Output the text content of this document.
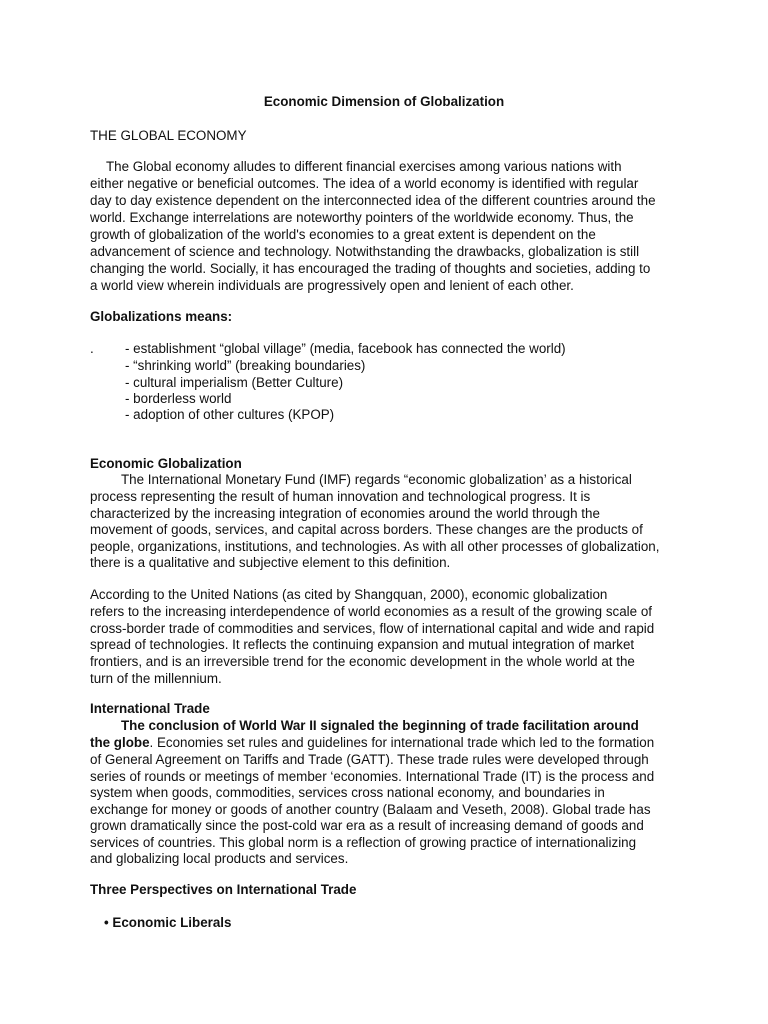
Economic Dimension of Globalization
THE GLOBAL ECONOMY
The Global economy alludes to different financial exercises among various nations with
either negative or beneficial outcomes. The idea of a world economy is identified with regular
day to day existence dependent on the interconnected idea of the different countries around the
world. Exchange interrelations are noteworthy pointers of the worldwide economy. Thus, the
growth of globalization of the world's economies to a great extent is dependent on the
advancement of science and technology. Notwithstanding the drawbacks, globalization is still
changing the world. Socially, it has encouraged the trading of thoughts and societies, adding to
a world view wherein individuals are progressively open and lenient of each other.
Globalizations means:
. - establishment “global village” (media, facebook has connected the world)
- “shrinking world” (breaking boundaries)
- cultural imperialism (Better Culture)
- borderless world
- adoption of other cultures (KPOP)
Economic Globalization
The International Monetary Fund (IMF) regards “economic globalization’ as a historical
process representing the result of human innovation and technological progress. It is
characterized by the increasing integration of economies around the world through the
movement of goods, services, and capital across borders. These changes are the products of
people, organizations, institutions, and technologies. As with all other processes of globalization,
there is a qualitative and subjective element to this definition.
According to the United Nations (as cited by Shangquan, 2000), economic globalization
refers to the increasing interdependence of world economies as a result of the growing scale of
cross-border trade of commodities and services, flow of international capital and wide and rapid
spread of technologies. It reflects the continuing expansion and mutual integration of market
frontiers, and is an irreversible trend for the economic development in the whole world at the
turn of the millennium.
International Trade
The conclusion of World War II signaled the beginning of trade facilitation around
the globe. Economies set rules and guidelines for international trade which led to the formation
of General Agreement on Tariffs and Trade (GATT). These trade rules were developed through
series of rounds or meetings of member ‘economies. International Trade (IT) is the process and
system when goods, commodities, services cross national economy, and boundaries in
exchange for money or goods of another country (Balaam and Veseth, 2008). Global trade has
grown dramatically since the post-cold war era as a result of increasing demand of goods and
services of countries. This global norm is a reflection of growing practice of internationalizing
and globalizing local products and services.
Three Perspectives on International Trade
• Economic Liberals
